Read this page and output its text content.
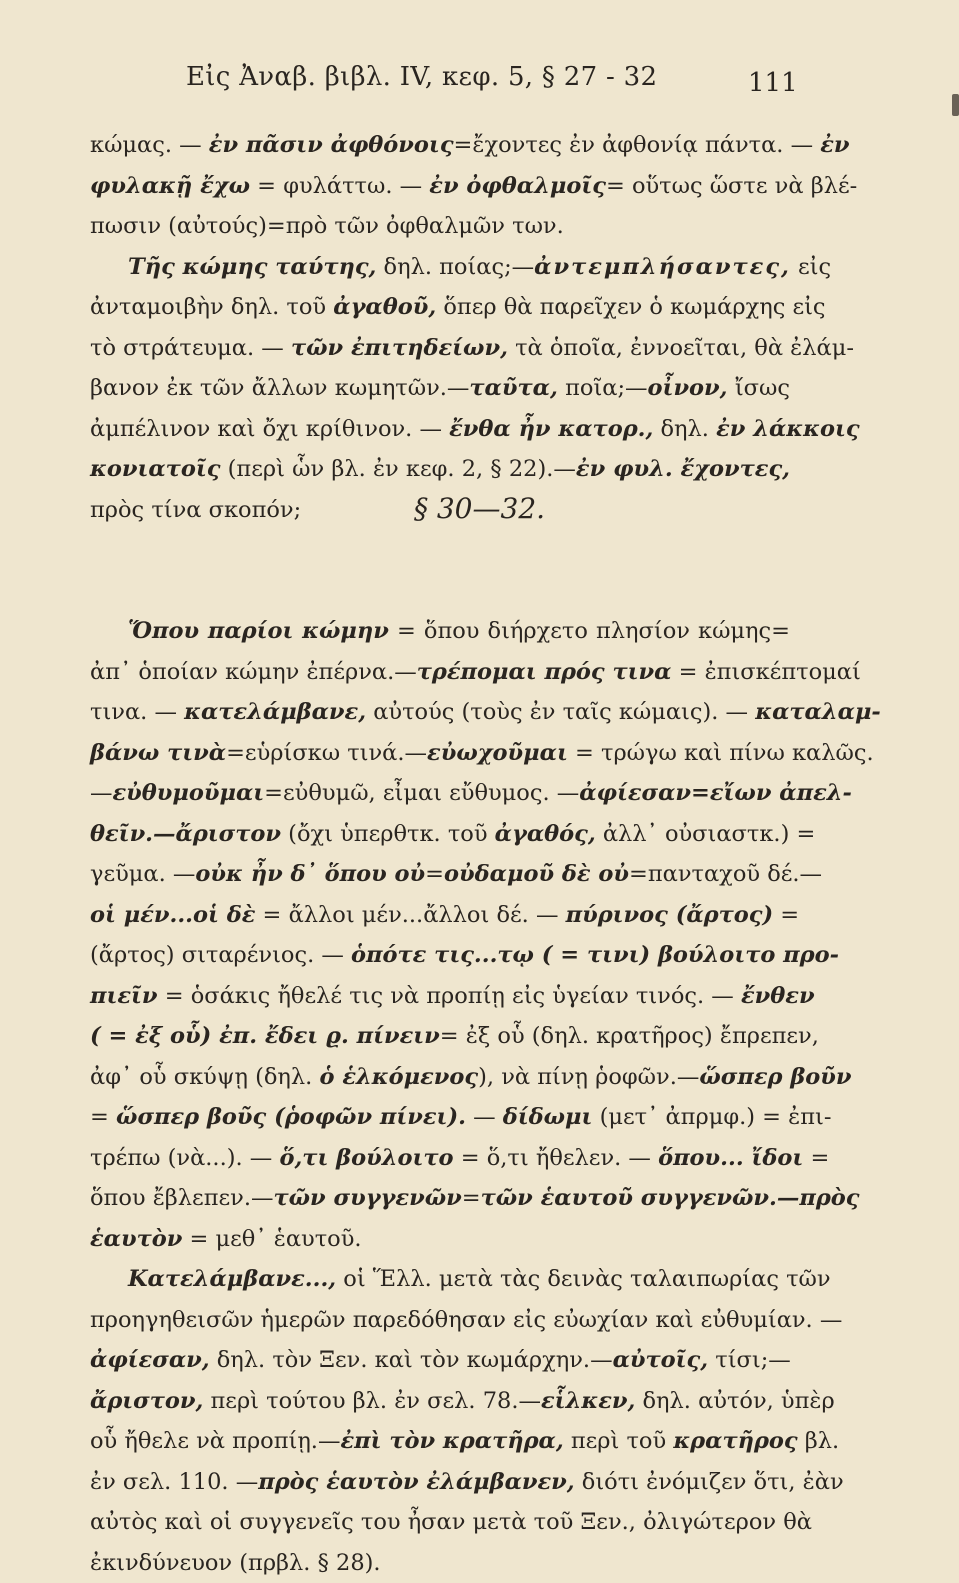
Εἰς Ἀναβ. βιβλ. IV, κεφ. 5, § 27 - 32	111
§ 30—32.
κώμας. — ἐν πᾶσιν ἀφθόνοις=ἔχοντες ἐν ἀφθονίᾳ πάντα. — ἐν
φυλακῇ ἔχω = φυλάττω. — ἐν ὀφθαλμοῖς= οὕτως ὥστε νὰ βλέ-
πωσιν (αὐτούς)=πρὸ τῶν ὀφθαλμῶν των.
Τῆς κώμης ταύτης, δηλ. ποίας;—ἀντεμπλήσαντες, εἰς
ἀνταμοιβὴν δηλ. τοῦ ἀγαθοῦ, ὅπερ θὰ παρεῖχεν ὁ κωμάρχης εἰς
τὸ στράτευμα. — τῶν ἐπιτηδείων, τὰ ὁποῖα, ἐννοεῖται, θὰ ἐλάμ-
βανον ἐκ τῶν ἄλλων κωμητῶν.—ταῦτα, ποῖα;—οἶνον, ἴσως
ἀμπέλινον καὶ ὄχι κρίθινον. — ἔνθα ἦν κατορ., δηλ. ἐν λάκκοις
κονιατοῖς (περὶ ὧν βλ. ἐν κεφ. 2, § 22).—ἐν φυλ. ἔχοντες,
πρὸς τίνα σκοπόν;
Ὅπου παρίοι κώμην = ὅπου διήρχετο πλησίον κώμης=
ἀπ᾽ ὁποίαν κώμην ἐπέρνα.—τρέπομαι πρός τινα = ἐπισκέπτομαί
τινα. — κατελάμβανε, αὐτούς (τοὺς ἐν ταῖς κώμαις). — καταλαμ-
βάνω τινὰ=εὑρίσκω τινά.—εὐωχοῦμαι = τρώγω καὶ πίνω καλῶς.
—εὐθυμοῦμαι=εὐθυμῶ, εἶμαι εὔθυμος. —ἀφίεσαν=εἴων ἀπελ-
θεῖν.—ἄριστον (ὄχι ὑπερθτκ. τοῦ ἀγαθός, ἀλλ᾽ οὐσιαστκ.) =
γεῦμα. —οὐκ ἦν δ᾽ ὅπου οὐ=οὐδαμοῦ δὲ οὐ=πανταχοῦ δέ.—
οἱ μέν...οἱ δὲ = ἄλλοι μέν...ἄλλοι δέ. — πύρινος (ἄρτος) =
(ἄρτος) σιταρένιος. — ὁπότε τις...τῳ ( = τινι) βούλοιτο προ-
πιεῖν = ὁσάκις ἤθελέ τις νὰ προπίῃ εἰς ὑγείαν τινός. — ἔνθεν
( = ἐξ οὗ) ἐπ. ἔδει ϱ. πίνειν= ἐξ οὗ (δηλ. κρατῆρος) ἔπρεπεν,
ἀφ᾽ οὗ σκύψῃ (δηλ. ὁ ἑλκόμενος), νὰ πίνῃ ῥοφῶν.—ὥσπερ βοῦν
= ὥσπερ βοῦς (ῥοφῶν πίνει). — δίδωμι (μετ᾽ ἀπρμφ.) = ἐπι-
τρέπω (νὰ...). — ὅ,τι βούλοιτο = ὅ,τι ἤθελεν. — ὅπου... ἴδοι =
ὅπου ἔβλεπεν.—τῶν συγγενῶν=τῶν ἑαυτοῦ συγγενῶν.—πρὸς
ἑαυτὸν = μεθ᾽ ἑαυτοῦ.
Κατελάμβανε..., οἱ Ἕλλ. μετὰ τὰς δεινὰς ταλαιπωρίας τῶν
προηγηθεισῶν ἡμερῶν παρεδόθησαν εἰς εὐωχίαν καὶ εὐθυμίαν. —
ἀφίεσαν, δηλ. τὸν Ξεν. καὶ τὸν κωμάρχην.—αὐτοῖς, τίσι;—
ἄριστον, περὶ τούτου βλ. ἐν σελ. 78.—εἷλκεν, δηλ. αὐτόν, ὑπὲρ
οὗ ἤθελε νὰ προπίῃ.—ἐπὶ τὸν κρατῆρα, περὶ τοῦ κρατῆρος βλ.
ἐν σελ. 110. —πρὸς ἑαυτὸν ἐλάμβανεν, διότι ἐνόμιζεν ὅτι, ἐὰν
αὐτὸς καὶ οἱ συγγενεῖς του ἦσαν μετὰ τοῦ Ξεν., ὀλιγώτερον θὰ
ἐκινδύνευον (πρβλ. § 28).
